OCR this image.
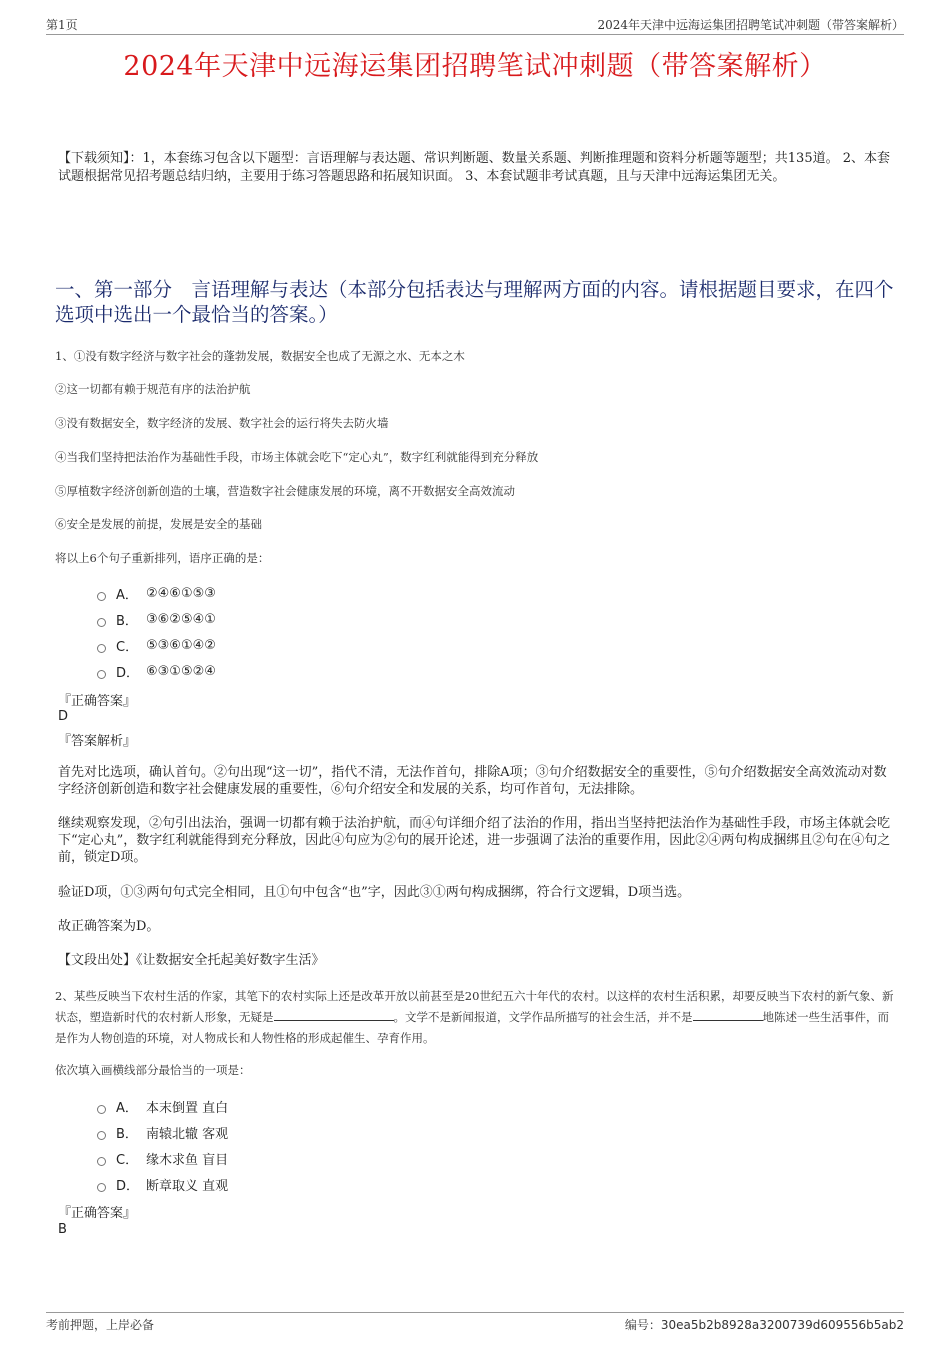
第1页	2024年天津中远海运集团招聘笔试冲刺题（带答案解析）
2024年天津中远海运集团招聘笔试冲刺题（带答案解析）
【下载须知】：1，本套练习包含以下题型：言语理解与表达题、常识判断题、数量关系题、判断推理题和资料分析题等题型；共135道。 2、本套试题根据常见招考题总结归纳，主要用于练习答题思路和拓展知识面。 3、本套试题非考试真题，且与天津中远海运集团无关。
一、第一部分　言语理解与表达（本部分包括表达与理解两方面的内容。请根据题目要求，在四个选项中选出一个最恰当的答案。）
1、①没有数字经济与数字社会的蓬勃发展，数据安全也成了无源之水、无本之木
②这一切都有赖于规范有序的法治护航
③没有数据安全，数字经济的发展、数字社会的运行将失去防火墙
④当我们坚持把法治作为基础性手段，市场主体就会吃下“定心丸”，数字红利就能得到充分释放
⑤厚植数字经济创新创造的土壤，营造数字社会健康发展的环境，离不开数据安全高效流动
⑥安全是发展的前提，发展是安全的基础
将以上6个句子重新排列，语序正确的是：
A． ②④⑥①⑤③
B． ③⑥②⑤④①
C． ⑤③⑥①④②
D． ⑥③①⑤②④
『正确答案』
D
『答案解析』
首先对比选项，确认首句。②句出现“这一切”，指代不清，无法作首句，排除A项；③句介绍数据安全的重要性，⑤句介绍数据安全高效流动对数字经济创新创造和数字社会健康发展的重要性，⑥句介绍安全和发展的关系，均可作首句，无法排除。
继续观察发现，②句引出法治，强调一切都有赖于法治护航，而④句详细介绍了法治的作用，指出当坚持把法治作为基础性手段，市场主体就会吃下“定心丸”，数字红利就能得到充分释放，因此④句应为②句的展开论述，进一步强调了法治的重要作用，因此②④两句构成捆绑且②句在④句之前，锁定D项。
验证D项，①③两句句式完全相同，且①句中包含“也”字，因此③①两句构成捆绑，符合行文逻辑，D项当选。
故正确答案为D。
【文段出处】《让数据安全托起美好数字生活》
2、某些反映当下农村生活的作家，其笔下的农村实际上还是改革开放以前甚至是20世纪五六十年代的农村。以这样的农村生活积累，却要反映当下农村的新气象、新状态，塑造新时代的农村新人形象，无疑是	。文学不是新闻报道，文学作品所描写的社会生活，并不是	地陈述一些生活事件，而是作为人物创造的环境，对人物成长和人物性格的形成起催生、孕育作用。
依次填入画横线部分最恰当的一项是：
A． 本末倒置 直白
B． 南辕北辙 客观
C． 缘木求鱼 盲目
D． 断章取义 直观
『正确答案』
B
考前押题，上岸必备	编号：30ea5b2b8928a3200739d609556b5ab2
